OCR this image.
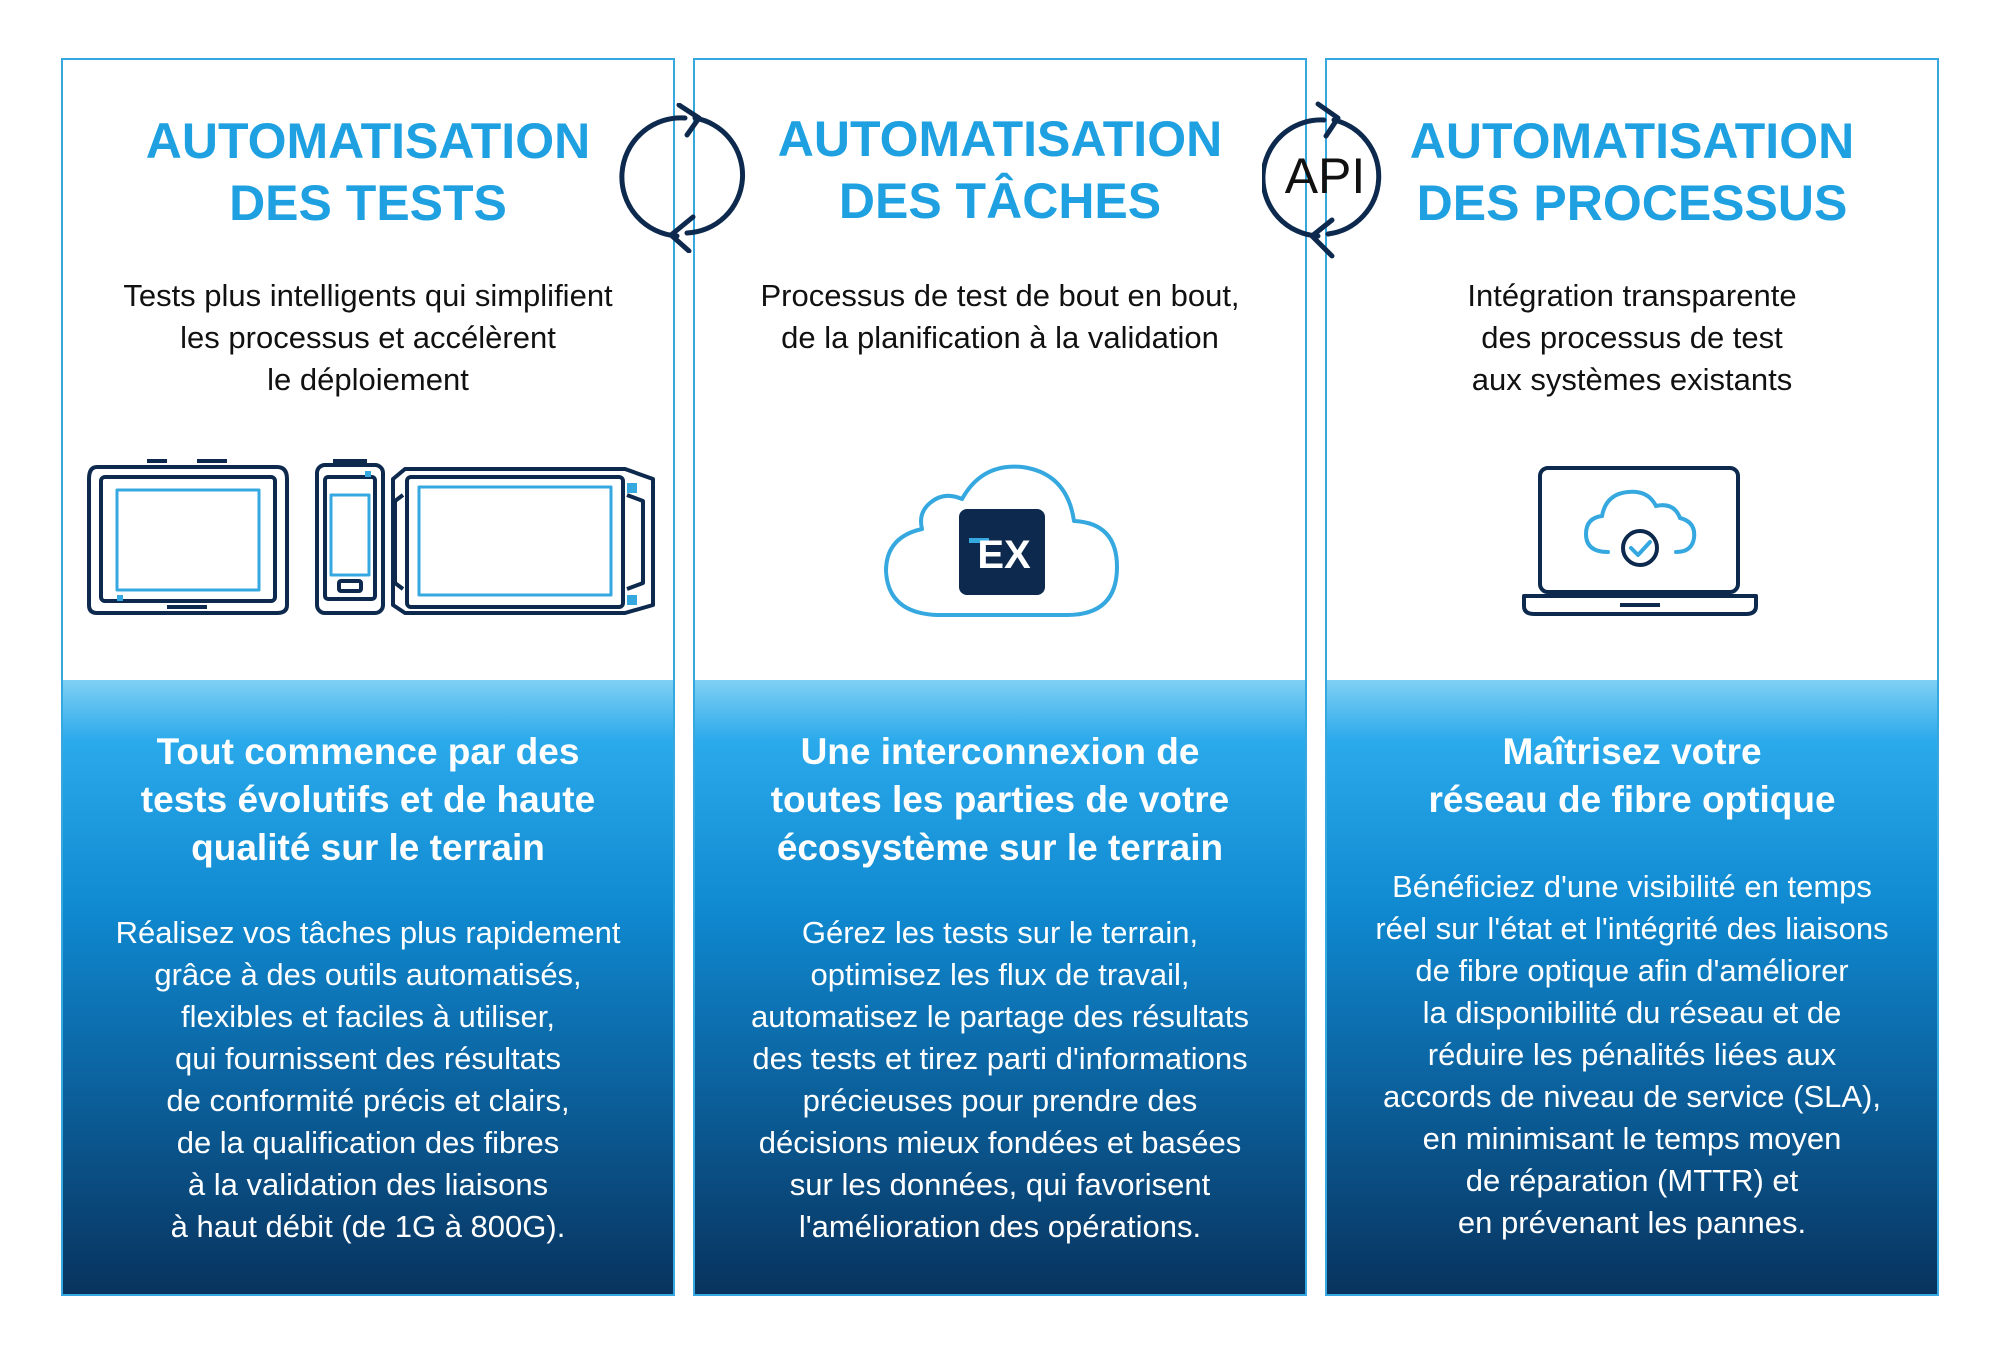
AUTOMATISATION
DES TESTS

Tests plus intelligents qui simplifient
les processus et accélèrent
le déploiement

Tout commence par des
tests évolutifs et de haute
qualité sur le terrain
Réalisez vos tâches plus rapidement
grâce à des outils automatisés,
flexibles et faciles à utiliser,
qui fournissent des résultats
de conformité précis et clairs,
de la qualification des fibres
à la validation des liaisons
à haut débit (de 1G à 800G).
AUTOMATISATION
DES TÂCHES

Processus de test de bout en bout,
de la planification à la validation

EX
Une interconnexion de
toutes les parties de votre
écosystème sur le terrain
Gérez les tests sur le terrain,
optimisez les flux de travail,
automatisez le partage des résultats
des tests et tirez parti d'informations
précieuses pour prendre des
décisions mieux fondées et basées
sur les données, qui favorisent
l'amélioration des opérations.
AUTOMATISATION
DES PROCESSUS

Intégration transparente
des processus de test
aux systèmes existants

Maîtrisez votre
réseau de fibre optique
Bénéficiez d'une visibilité en temps
réel sur l'état et l'intégrité des liaisons
de fibre optique afin d'améliorer
la disponibilité du réseau et de
réduire les pénalités liées aux
accords de niveau de service (SLA),
en minimisant le temps moyen
de réparation (MTTR) et
en prévenant les pannes.
API
